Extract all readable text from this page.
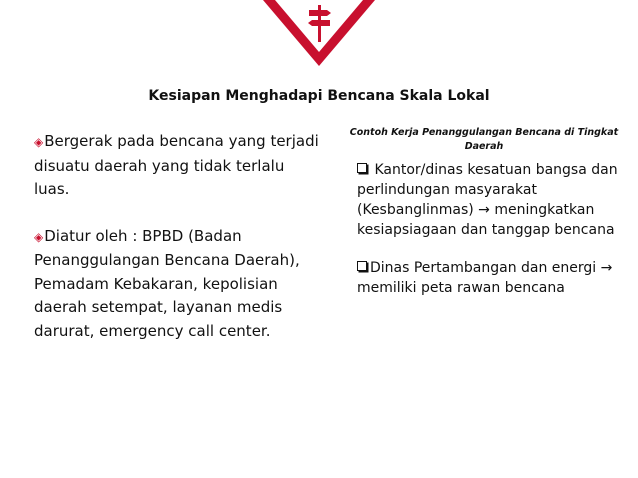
Kesiapan Menghadapi Bencana Skala Lokal

◈Bergerak pada bencana yang terjadi disuatu daerah yang tidak terlalu luas.

◈Diatur oleh : BPBD (Badan Penanggulangan Bencana Daerah), Pemadam Kebakaran, kepolisian daerah setempat, layanan medis darurat, emergency call center.

Contoh Kerja Penanggulangan Bencana di Tingkat Daerah

Kantor/dinas kesatuan bangsa dan perlindungan masyarakat (Kesbanglinmas) → meningkatkan kesiapsiagaan dan tanggap bencana

Dinas Pertambangan dan energi → memiliki peta rawan bencana
